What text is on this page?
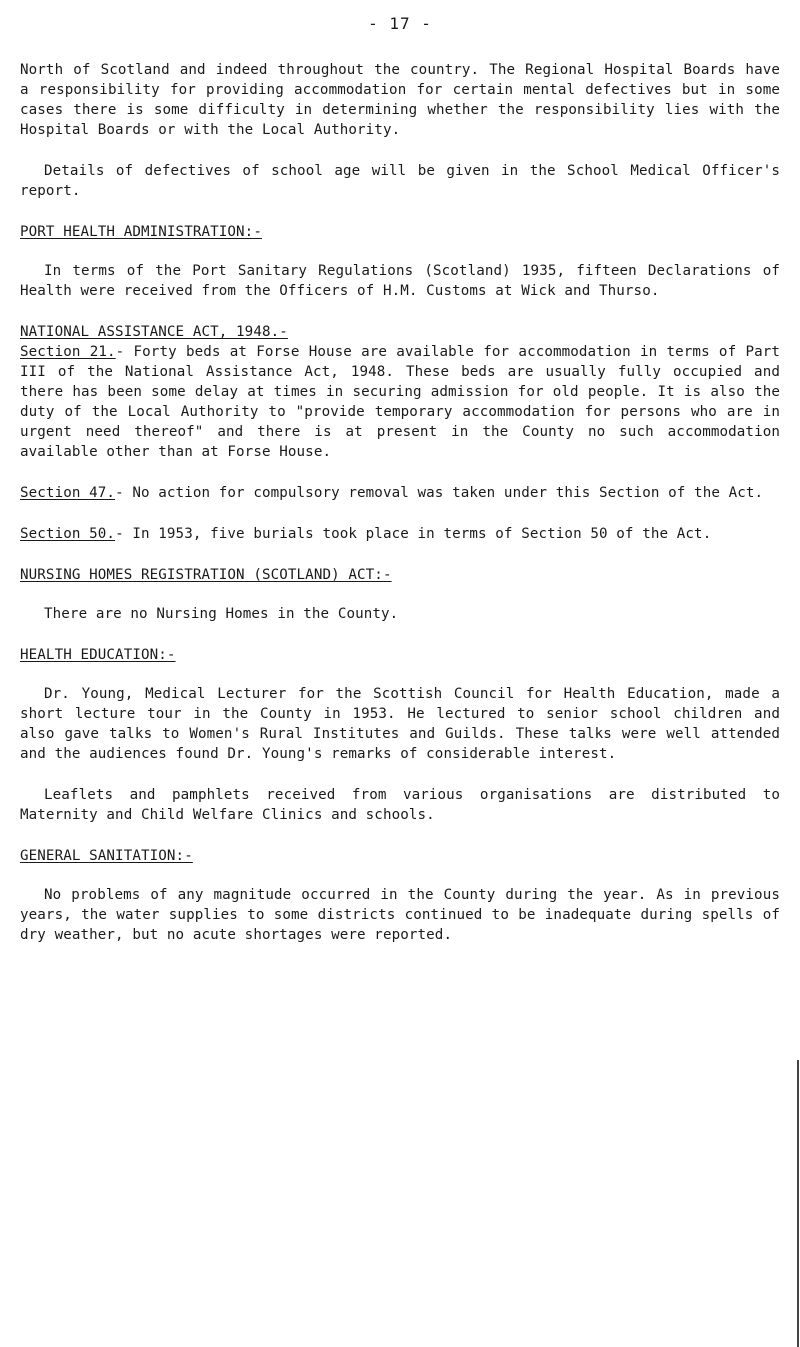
- 17 -

North of Scotland and indeed throughout the country. The Regional Hospital Boards have a responsibility for providing accommodation for certain mental defectives but in some cases there is some difficulty in determining whether the responsibility lies with the Hospital Boards or with the Local Authority.

Details of defectives of school age will be given in the School Medical Officer's report.

PORT HEALTH ADMINISTRATION:-

In terms of the Port Sanitary Regulations (Scotland) 1935, fifteen Declarations of Health were received from the Officers of H.M. Customs at Wick and Thurso.

NATIONAL ASSISTANCE ACT, 1948.-

Section 21.- Forty beds at Forse House are available for accommodation in terms of Part III of the National Assistance Act, 1948. These beds are usually fully occupied and there has been some delay at times in securing admission for old people. It is also the duty of the Local Authority to "provide temporary accommodation for persons who are in urgent need thereof" and there is at present in the County no such accommodation available other than at Forse House.

Section 47.- No action for compulsory removal was taken under this Section of the Act.

Section 50.- In 1953, five burials took place in terms of Section 50 of the Act.

NURSING HOMES REGISTRATION (SCOTLAND) ACT:-

There are no Nursing Homes in the County.

HEALTH EDUCATION:-

Dr. Young, Medical Lecturer for the Scottish Council for Health Education, made a short lecture tour in the County in 1953. He lectured to senior school children and also gave talks to Women's Rural Institutes and Guilds. These talks were well attended and the audiences found Dr. Young's remarks of considerable interest.

Leaflets and pamphlets received from various organisations are distributed to Maternity and Child Welfare Clinics and schools.

GENERAL SANITATION:-

No problems of any magnitude occurred in the County during the year. As in previous years, the water supplies to some districts continued to be inadequate during spells of dry weather, but no acute shortages were reported.
